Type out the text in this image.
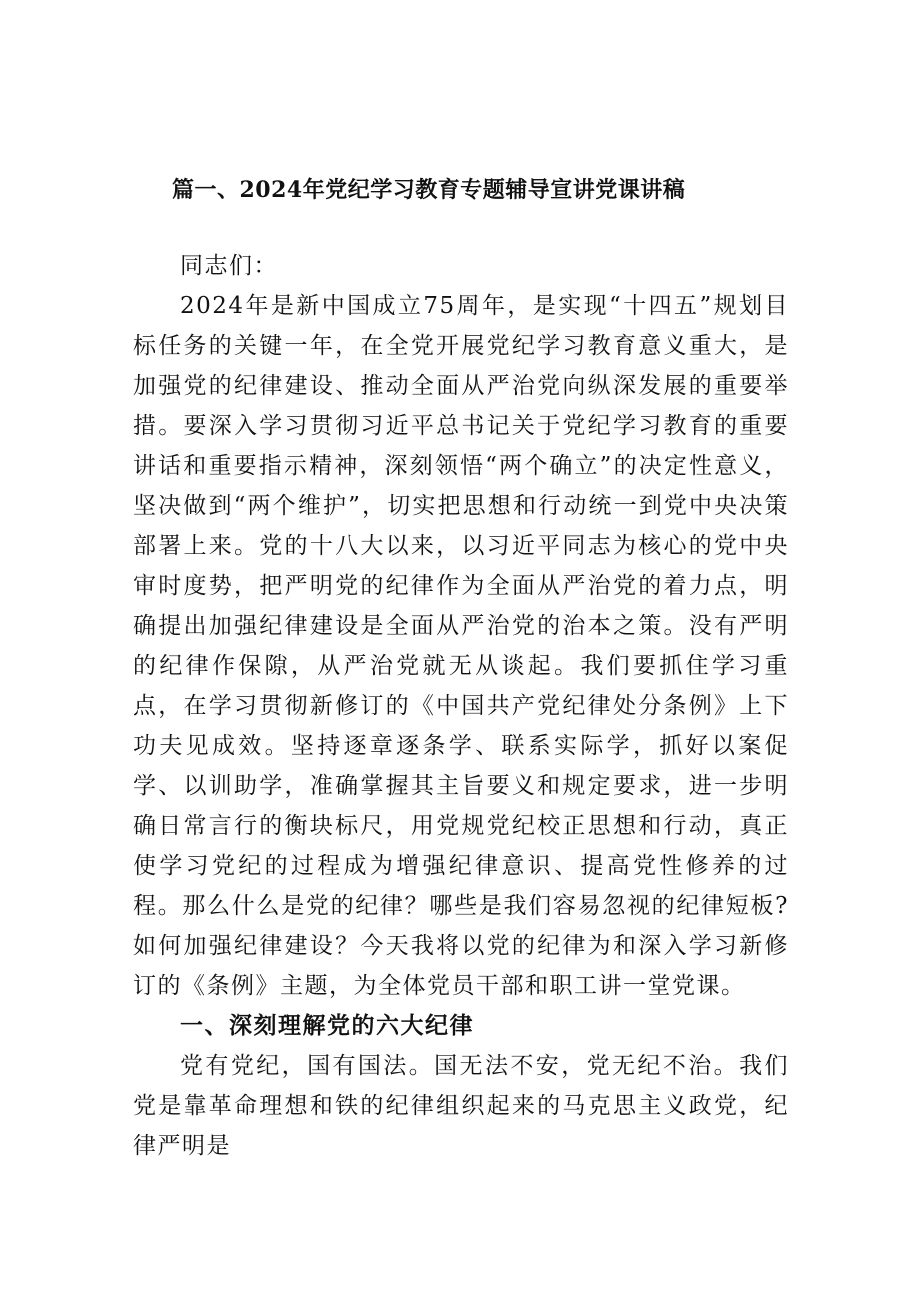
篇一、2024年党纪学习教育专题辅导宣讲党课讲稿

同志们：

2024年是新中国成立75周年，是实现“十四五”规划目标任务的关键一年，在全党开展党纪学习教育意义重大，是加强党的纪律建设、推动全面从严治党向纵深发展的重要举措。要深入学习贯彻习近平总书记关于党纪学习教育的重要讲话和重要指示精神，深刻领悟“两个确立”的决定性意义，坚决做到“两个维护”，切实把思想和行动统一到党中央决策部署上来。党的十八大以来，以习近平同志为核心的党中央审时度势，把严明党的纪律作为全面从严治党的着力点，明确提出加强纪律建设是全面从严治党的治本之策。没有严明的纪律作保隙，从严治党就无从谈起。我们要抓住学习重点，在学习贯彻新修订的《中国共产党纪律处分条例》上下功夫见成效。坚持逐章逐条学、联系实际学，抓好以案促学、以训助学，准确掌握其主旨要义和规定要求，进一步明确日常言行的衡块标尺，用党规党纪校正思想和行动，真正使学习党纪的过程成为增强纪律意识、提高党性修养的过程。那么什么是党的纪律？哪些是我们容易忽视的纪律短板?如何加强纪律建设？今天我将以党的纪律为和深入学习新修订的《条例》主题，为全体党员干部和职工讲一堂党课。

一、深刻理解党的六大纪律

党有党纪，国有国法。国无法不安，党无纪不治。我们党是靠革命理想和铁的纪律组织起来的马克思主义政党，纪律严明是
